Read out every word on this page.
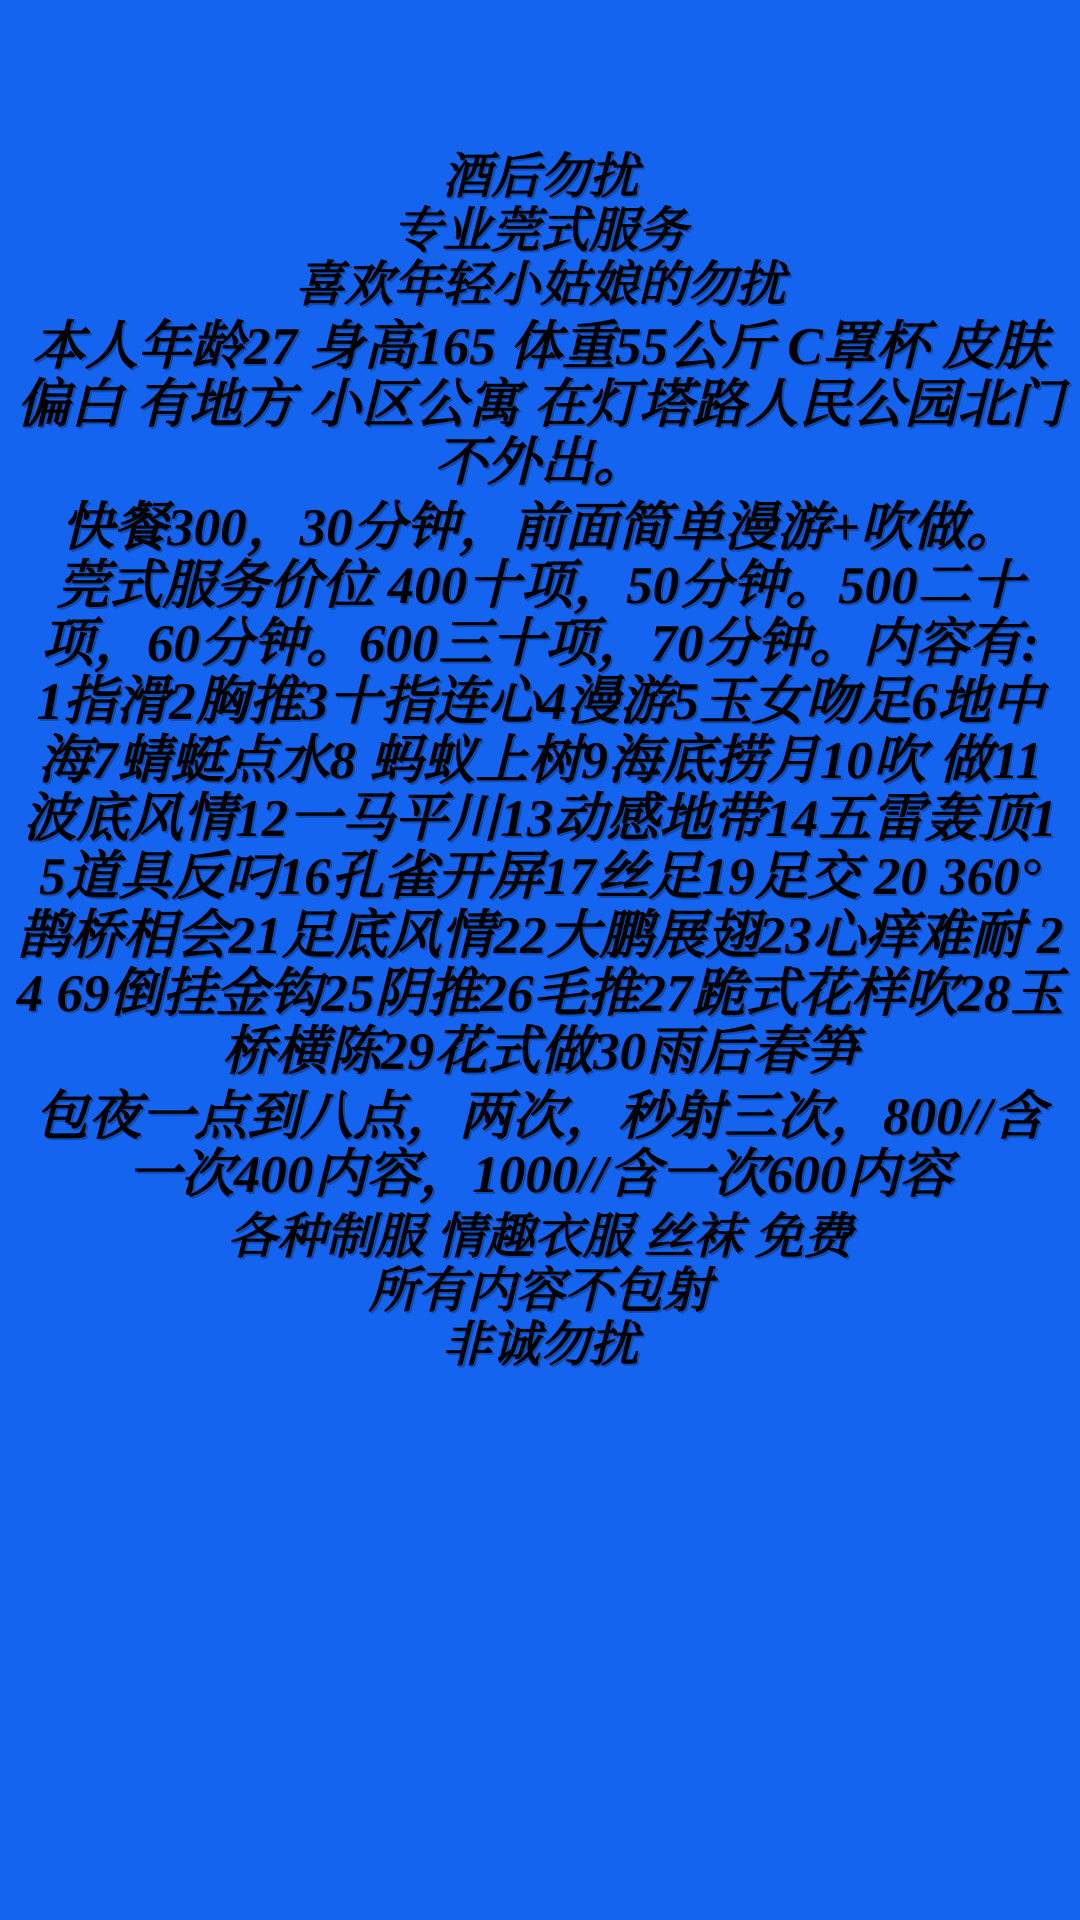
酒后勿扰
专业莞式服务
喜欢年轻小姑娘的勿扰
本人年龄27 身高165 体重55公斤 C罩杯 皮肤偏白 有地方 小区公寓 在灯塔路人民公园北门 不外出。
快餐300，30分钟，前面简单漫游+吹做。
莞式服务价位 400十项，50分钟。500二十项，60分钟。600三十项，70分钟。内容有:
1指滑2胸推3十指连心4漫游5玉女吻足6地中海7蜻蜓点水8 蚂蚁上树9海底捞月10吹 做11波底风情12一马平川13动感地带14五雷轰顶15道具反叼16孔雀开屏17丝足19足交 20 360°鹊桥相会21足底风情22大鹏展翅23心痒难耐 24 69倒挂金钩25阴推26毛推27跪式花样吹28玉桥横陈29花式做30雨后春笋
包夜一点到八点，两次，秒射三次，800//含一次400内容，1000//含一次600内容
各种制服 情趣衣服 丝袜 免费
所有内容不包射
非诚勿扰
